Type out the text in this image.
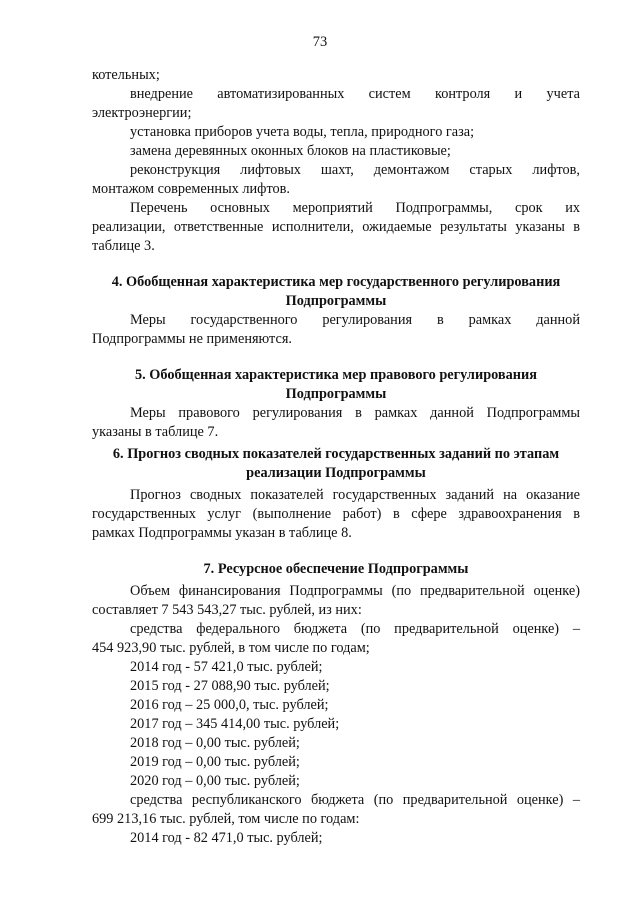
73

котельных;

внедрение автоматизированных систем контроля и учета

электроэнергии;

установка приборов учета воды, тепла, природного газа;

замена деревянных оконных блоков на пластиковые;

реконструкция лифтовых шахт, демонтажом старых лифтов,

монтажом современных лифтов.

Перечень основных мероприятий Подпрограммы, срок их

реализации, ответственные исполнители, ожидаемые результаты указаны в

таблице 3.

4. Обобщенная характеристика мер государственного регулирования
Подпрограммы

Меры государственного регулирования в рамках данной

Подпрограммы не применяются.

5. Обобщенная характеристика мер правового регулирования
Подпрограммы

Меры правового регулирования в рамках данной Подпрограммы

указаны в таблице 7.

6. Прогноз сводных показателей государственных заданий по этапам
реализации Подпрограммы

Прогноз сводных показателей государственных заданий на оказание

государственных услуг (выполнение работ) в сфере здравоохранения в

рамках Подпрограммы указан в таблице 8.

7. Ресурсное обеспечение Подпрограммы

Объем финансирования Подпрограммы (по предварительной оценке)

составляет 7 543 543,27 тыс. рублей, из них:

средства федерального бюджета (по предварительной оценке) –

454 923,90 тыс. рублей, в том числе по годам;

2014 год - 57 421,0 тыс. рублей;

2015 год - 27 088,90 тыс. рублей;

2016 год – 25 000,0, тыс. рублей;

2017 год – 345 414,00 тыс. рублей;

2018 год – 0,00 тыс. рублей;

2019 год – 0,00 тыс. рублей;

2020 год – 0,00 тыс. рублей;

средства республиканского бюджета (по предварительной оценке) –

699 213,16 тыс. рублей, том числе по годам:

2014 год - 82 471,0 тыс. рублей;
